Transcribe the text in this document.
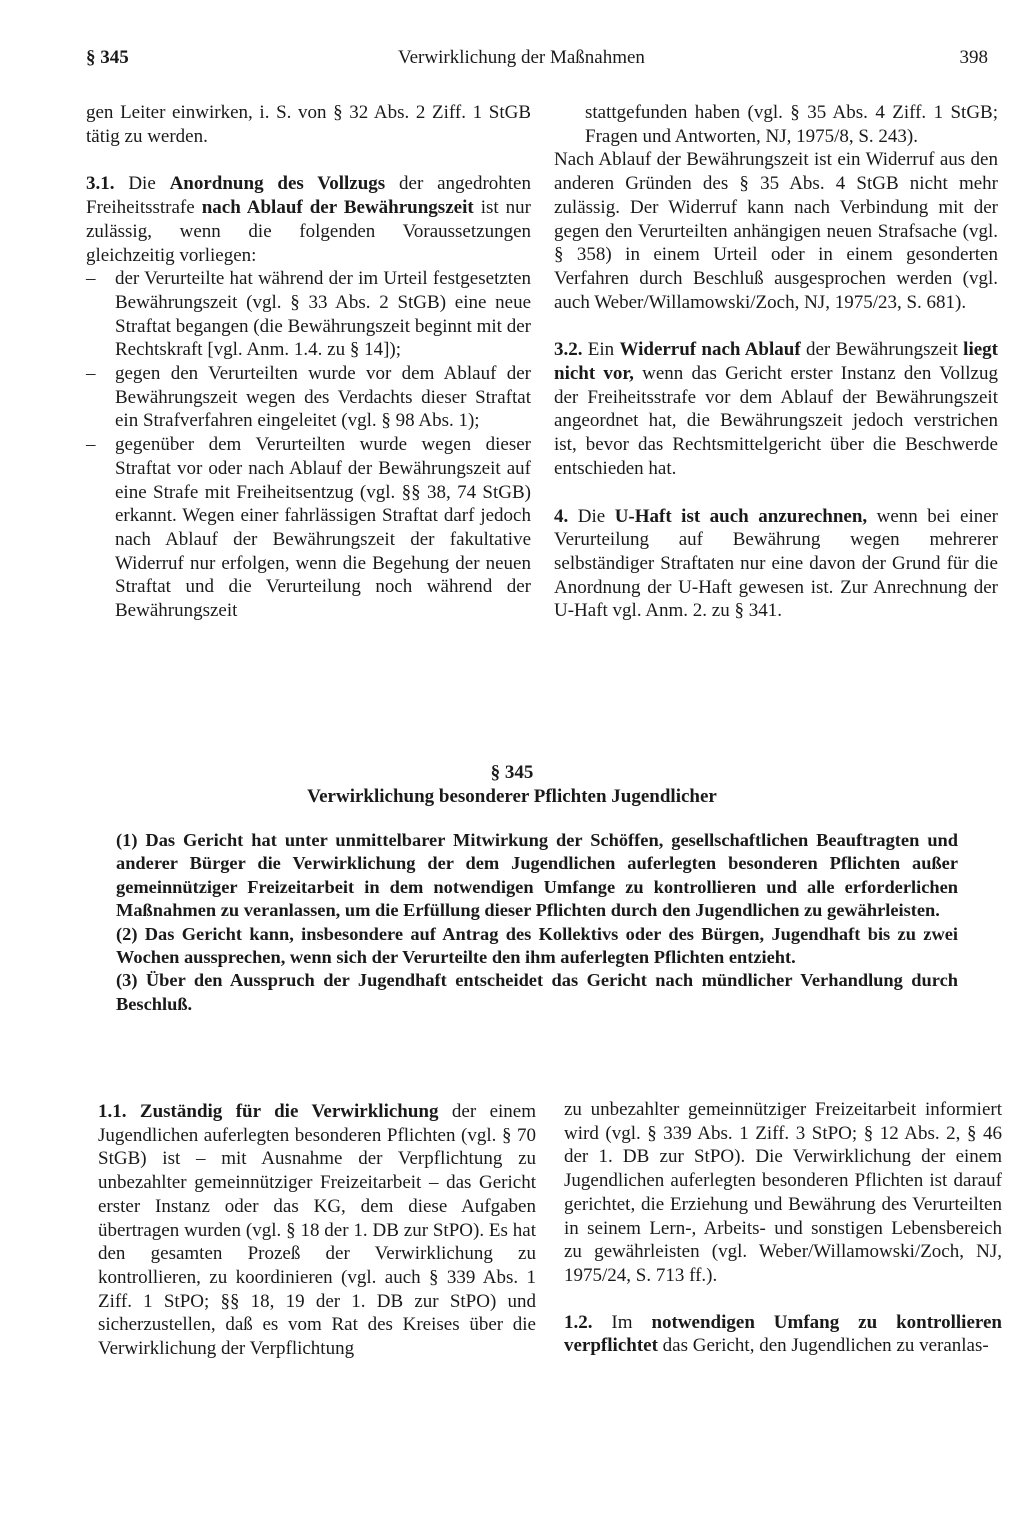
§ 345	Verwirklichung der Maßnahmen	398

gen Leiter einwirken, i. S. von § 32 Abs. 2 Ziff. 1 StGB tätig zu werden.

3.1. Die Anordnung des Vollzugs der angedrohten Freiheitsstrafe nach Ablauf der Bewährungszeit ist nur zulässig, wenn die folgenden Voraussetzungen gleichzeitig vorliegen:

– der Verurteilte hat während der im Urteil festgesetzten Bewährungszeit (vgl. § 33 Abs. 2 StGB) eine neue Straftat begangen (die Bewährungszeit beginnt mit der Rechtskraft [vgl. Anm. 1.4. zu § 14]);
– gegen den Verurteilten wurde vor dem Ablauf der Bewährungszeit wegen des Verdachts dieser Straftat ein Strafverfahren eingeleitet (vgl. § 98 Abs. 1);
– gegenüber dem Verurteilten wurde wegen dieser Straftat vor oder nach Ablauf der Bewährungszeit auf eine Strafe mit Freiheitsentzug (vgl. §§ 38, 74 StGB) erkannt. Wegen einer fahrlässigen Straftat darf jedoch nach Ablauf der Bewährungszeit der fakultative Widerruf nur erfolgen, wenn die Begehung der neuen Straftat und die Verurteilung noch während der Bewährungszeit

stattgefunden haben (vgl. § 35 Abs. 4 Ziff. 1 StGB; Fragen und Antworten, NJ, 1975/8, S. 243).

Nach Ablauf der Bewährungszeit ist ein Widerruf aus den anderen Gründen des § 35 Abs. 4 StGB nicht mehr zulässig. Der Widerruf kann nach Verbindung mit der gegen den Verurteilten anhängigen neuen Strafsache (vgl. § 358) in einem Urteil oder in einem gesonderten Verfahren durch Beschluß ausgesprochen werden (vgl. auch Weber/Willamowski/Zoch, NJ, 1975/23, S. 681).

3.2. Ein Widerruf nach Ablauf der Bewährungszeit liegt nicht vor, wenn das Gericht erster Instanz den Vollzug der Freiheitsstrafe vor dem Ablauf der Bewährungszeit angeordnet hat, die Bewährungszeit jedoch verstrichen ist, bevor das Rechtsmittelgericht über die Beschwerde entschieden hat.

4. Die U-Haft ist auch anzurechnen, wenn bei einer Verurteilung auf Bewährung wegen mehrerer selbständiger Straftaten nur eine davon der Grund für die Anordnung der U-Haft gewesen ist. Zur Anrechnung der U-Haft vgl. Anm. 2. zu § 341.

§ 345
Verwirklichung besonderer Pflichten Jugendlicher

(1) Das Gericht hat unter unmittelbarer Mitwirkung der Schöffen, gesellschaftlichen Beauftragten und anderer Bürger die Verwirklichung der dem Jugendlichen auferlegten besonderen Pflichten außer gemeinnütziger Freizeitarbeit in dem notwendigen Umfange zu kontrollieren und alle erforderlichen Maßnahmen zu veranlassen, um die Erfüllung dieser Pflichten durch den Jugendlichen zu gewährleisten.

(2) Das Gericht kann, insbesondere auf Antrag des Kollektivs oder des Bürgen, Jugendhaft bis zu zwei Wochen aussprechen, wenn sich der Verurteilte den ihm auferlegten Pflichten entzieht.

(3) Über den Ausspruch der Jugendhaft entscheidet das Gericht nach mündlicher Verhandlung durch Beschluß.

1.1. Zuständig für die Verwirklichung der einem Jugendlichen auferlegten besonderen Pflichten (vgl. § 70 StGB) ist – mit Ausnahme der Verpflichtung zu unbezahlter gemeinnütziger Freizeitarbeit – das Gericht erster Instanz oder das KG, dem diese Aufgaben übertragen wurden (vgl. § 18 der 1. DB zur StPO). Es hat den gesamten Prozeß der Verwirklichung zu kontrollieren, zu koordinieren (vgl. auch § 339 Abs. 1 Ziff. 1 StPO; §§ 18, 19 der 1. DB zur StPO) und sicherzustellen, daß es vom Rat des Kreises über die Verwirklichung der Verpflichtung

zu unbezahlter gemeinnütziger Freizeitarbeit informiert wird (vgl. § 339 Abs. 1 Ziff. 3 StPO; § 12 Abs. 2, § 46 der 1. DB zur StPO). Die Verwirklichung der einem Jugendlichen auferlegten besonderen Pflichten ist darauf gerichtet, die Erziehung und Bewährung des Verurteilten in seinem Lern-, Arbeits- und sonstigen Lebensbereich zu gewährleisten (vgl. Weber/Willamowski/Zoch, NJ, 1975/24, S. 713 ff.).

1.2. Im notwendigen Umfang zu kontrollieren verpflichtet das Gericht, den Jugendlichen zu veranlas-
